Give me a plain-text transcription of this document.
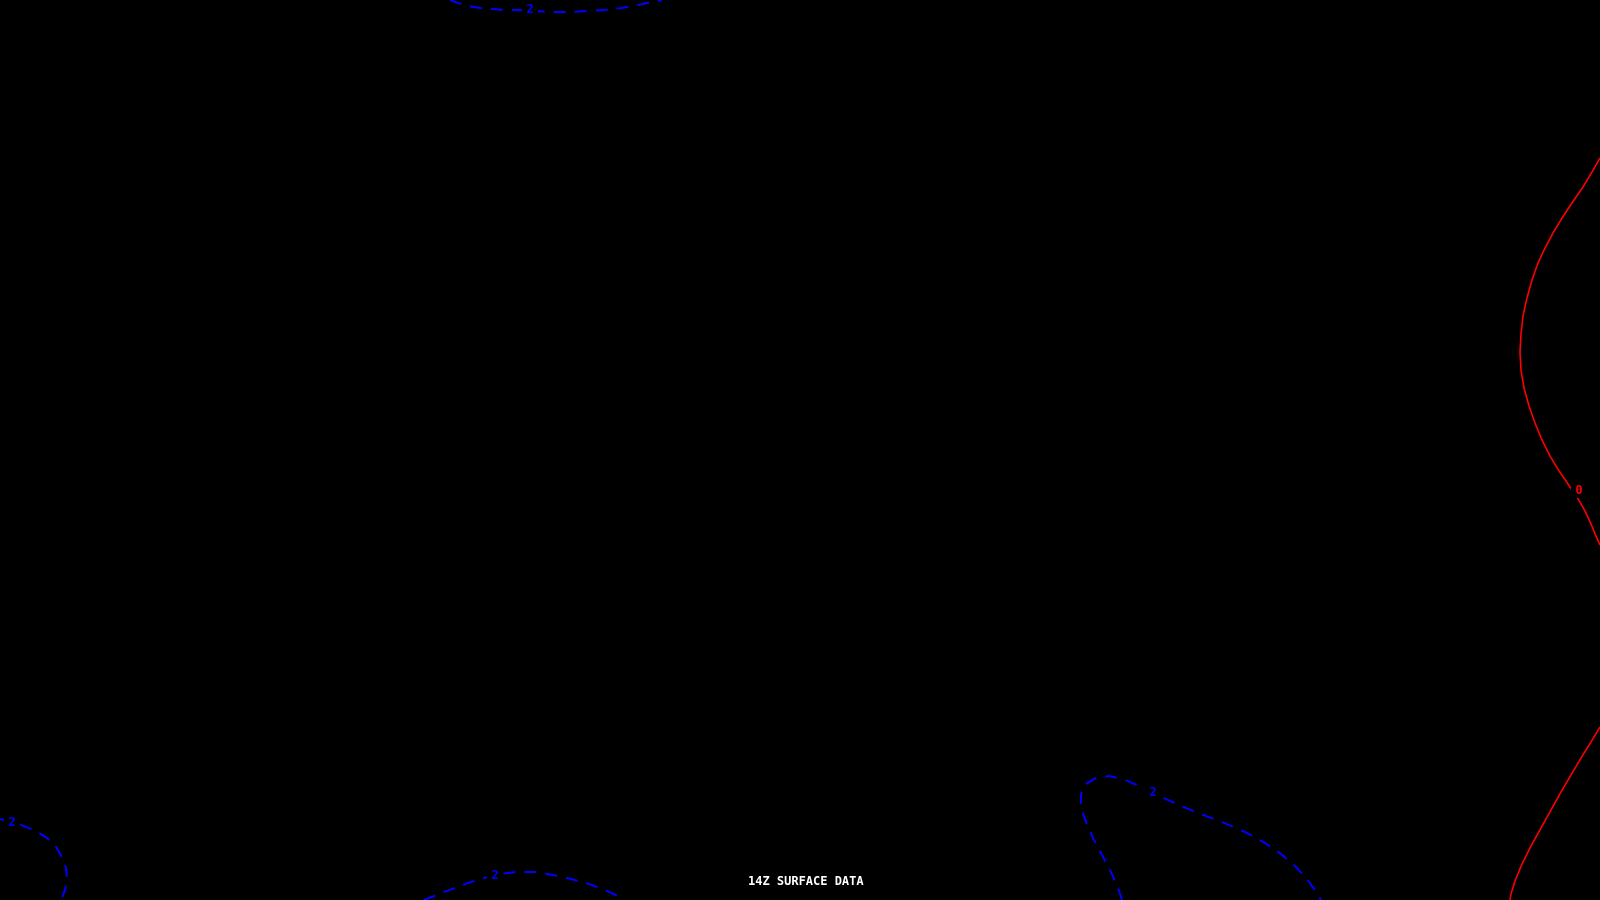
2
0
2
2
2
14Z SURFACE DATA
